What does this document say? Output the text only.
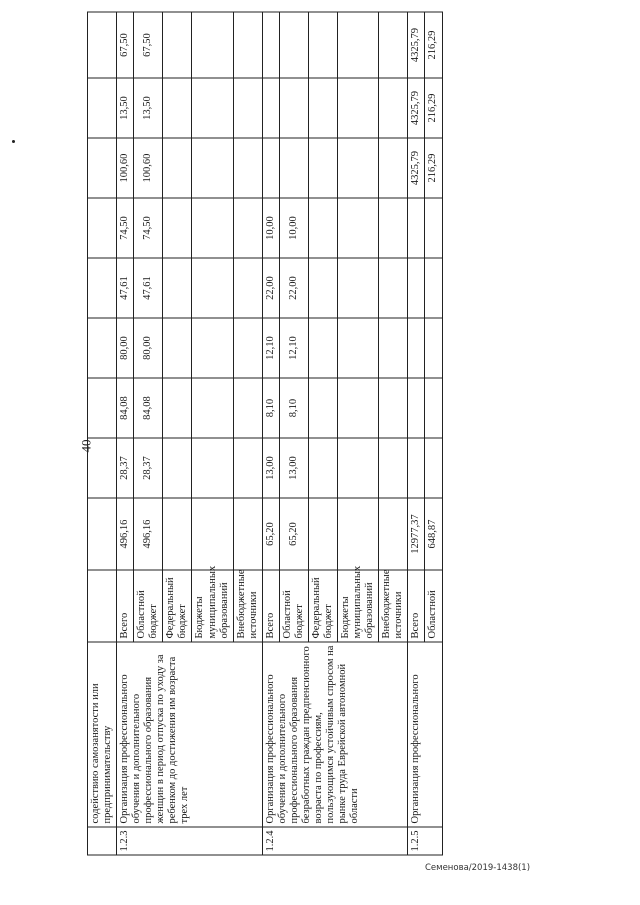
40
	содействию самозанятости или предпринимательству										
1.2.3	Организация профессионального обучения и дополнительного профессионального образования женщин в период отпуска по уходу за ребенком до достижения им возраста трех лет	Всего	496,16	28,37	84,08	80,00	47,61	74,50	100,60	13,50	67,50
		Областной бюджет	496,16	28,37	84,08	80,00	47,61	74,50	100,60	13,50	67,50
		Федеральный бюджет									
		Бюджеты муниципальных образований									
		Внебюджетные источники									
1.2.4	Организация профессионального обучения и дополнительного профессионального образования безработных граждан предпенсионного возраста по профессиям, пользующимся устойчивым спросом на рынке труда Еврейской автономной области	Всего	65,20	13,00	8,10	12,10	22,00	10,00			
		Областной бюджет	65,20	13,00	8,10	12,10	22,00	10,00			
		Федеральный бюджет									
		Бюджеты муниципальных образований									
		Внебюджетные источники									
1.2.5	Организация профессионального	Всего	12977,37						4325,79	4325,79	4325,79
		Областной	648,87						216,29	216,29	216,29
Семенова/2019-1438(1)
